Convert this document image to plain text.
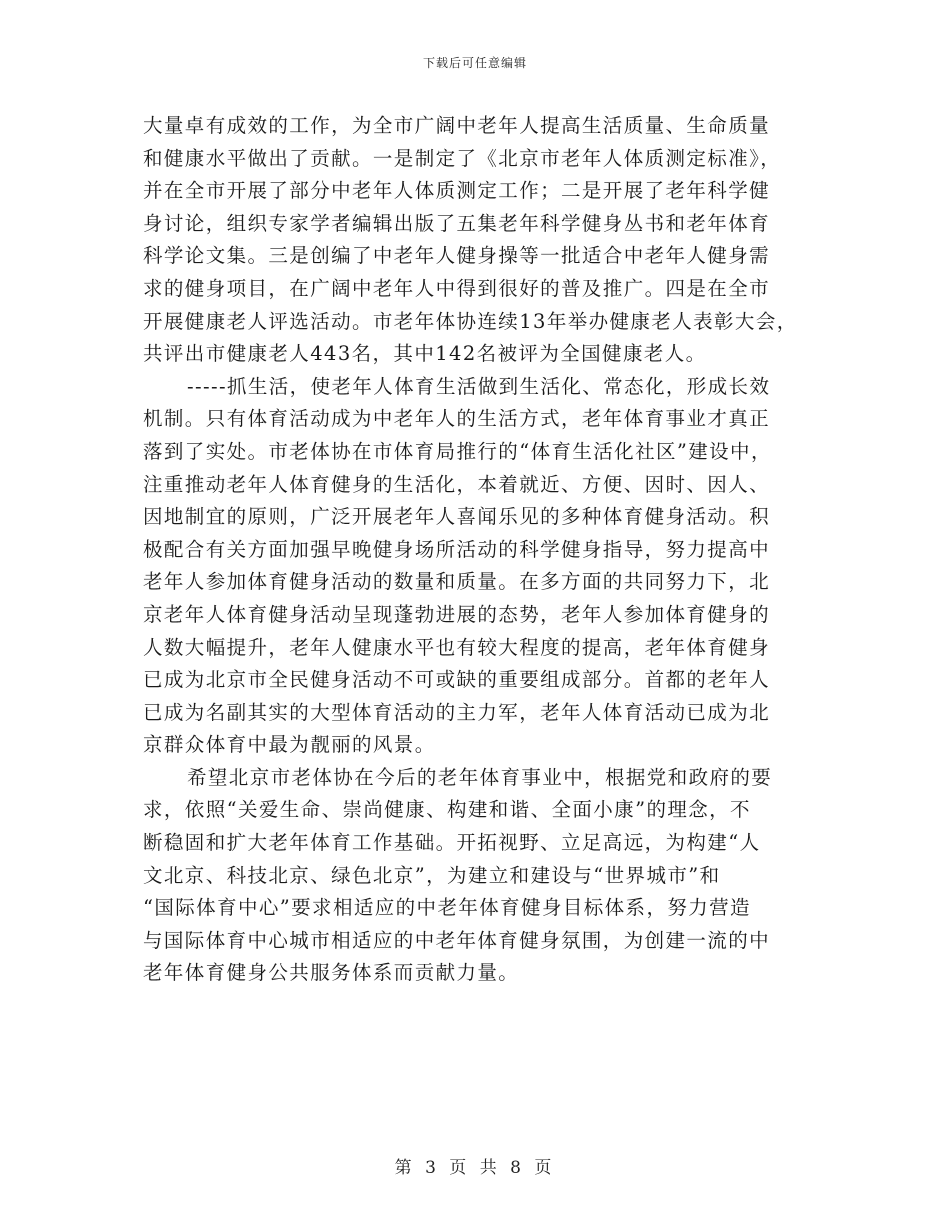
下载后可任意编辑
大量卓有成效的工作，为全市广阔中老年人提高生活质量、生命质量
和健康水平做出了贡献。一是制定了《北京市老年人体质测定标准》，
并在全市开展了部分中老年人体质测定工作；二是开展了老年科学健
身讨论，组织专家学者编辑出版了五集老年科学健身丛书和老年体育
科学论文集。三是创编了中老年人健身操等一批适合中老年人健身需
求的健身项目，在广阔中老年人中得到很好的普及推广。四是在全市
开展健康老人评选活动。市老年体协连续13年举办健康老人表彰大会，
共评出市健康老人443名，其中142名被评为全国健康老人。
-----抓生活，使老年人体育生活做到生活化、常态化，形成长效
机制。只有体育活动成为中老年人的生活方式，老年体育事业才真正
落到了实处。市老体协在市体育局推行的“体育生活化社区”建设中，
注重推动老年人体育健身的生活化，本着就近、方便、因时、因人、
因地制宜的原则，广泛开展老年人喜闻乐见的多种体育健身活动。积
极配合有关方面加强早晚健身场所活动的科学健身指导，努力提高中
老年人参加体育健身活动的数量和质量。在多方面的共同努力下，北
京老年人体育健身活动呈现蓬勃进展的态势，老年人参加体育健身的
人数大幅提升，老年人健康水平也有较大程度的提高，老年体育健身
已成为北京市全民健身活动不可或缺的重要组成部分。首都的老年人
已成为名副其实的大型体育活动的主力军，老年人体育活动已成为北
京群众体育中最为靓丽的风景。
希望北京市老体协在今后的老年体育事业中，根据党和政府的要
求，依照“关爱生命、崇尚健康、构建和谐、全面小康”的理念，不
断稳固和扩大老年体育工作基础。开拓视野、立足高远，为构建“人
文北京、科技北京、绿色北京”，为建立和建设与“世界城市”和
“国际体育中心”要求相适应的中老年体育健身目标体系，努力营造
与国际体育中心城市相适应的中老年体育健身氛围，为创建一流的中
老年体育健身公共服务体系而贡献力量。
第 3 页 共 8 页
